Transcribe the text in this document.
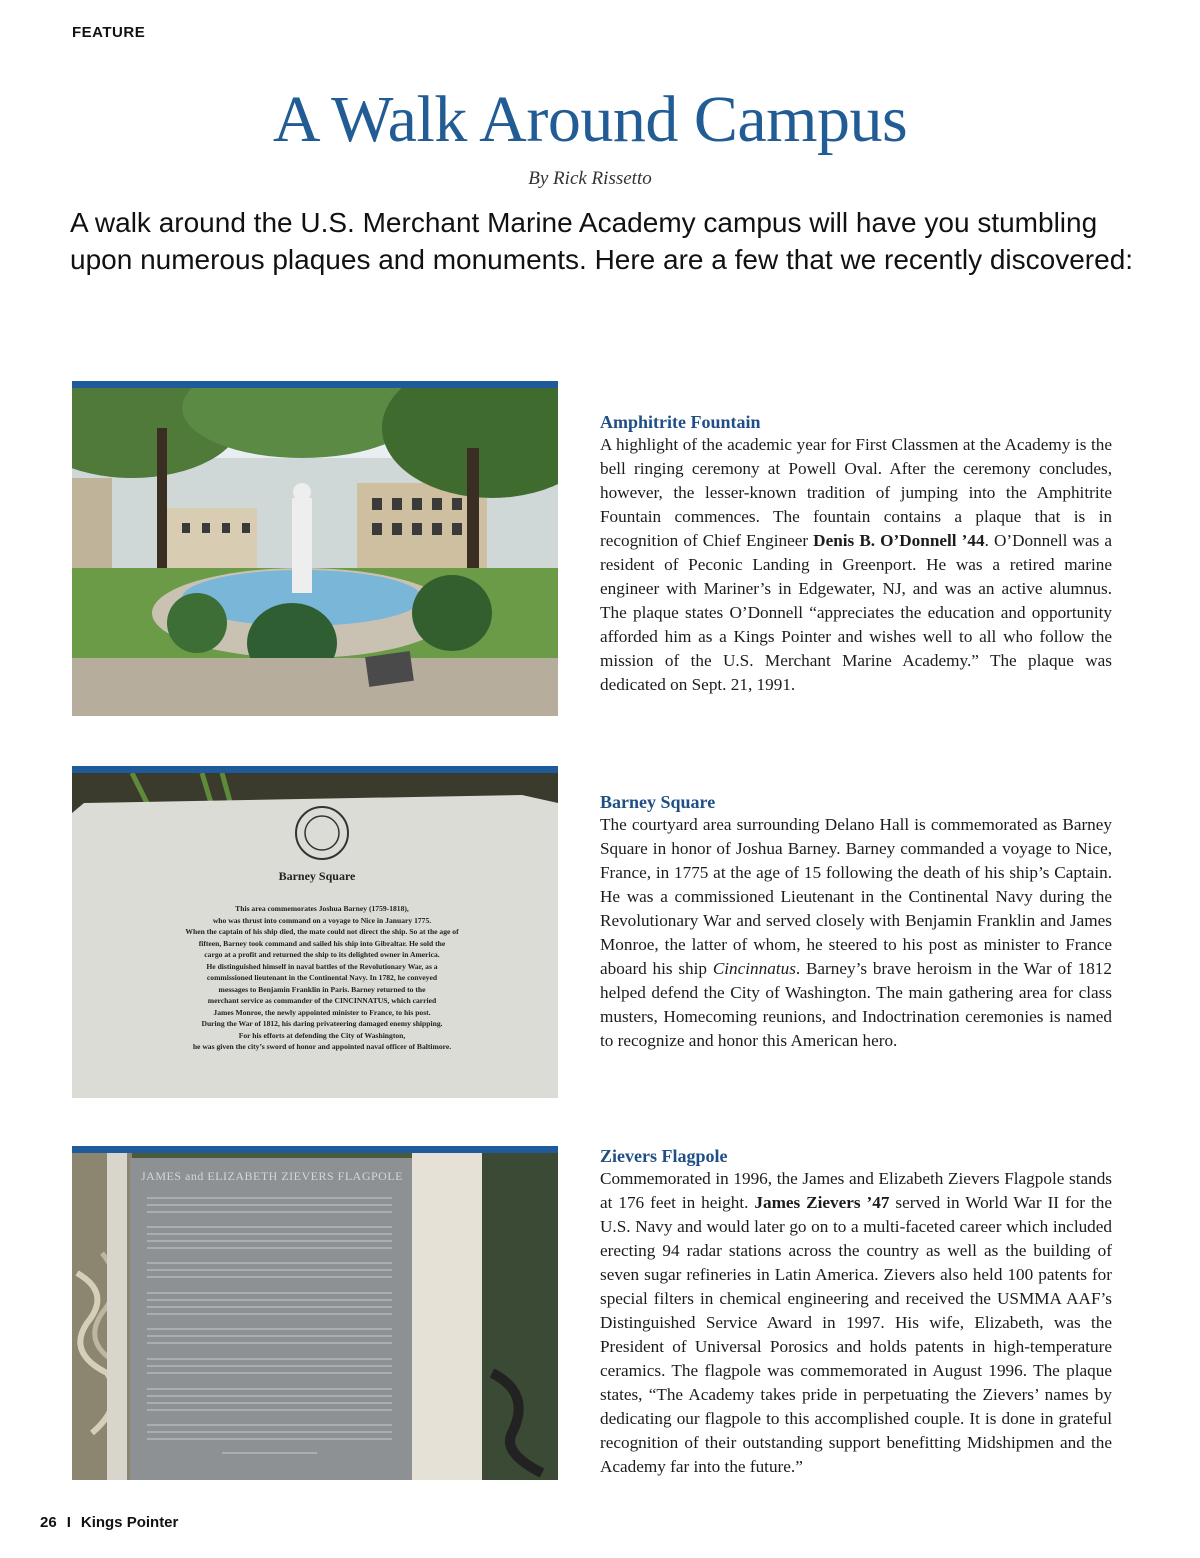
FEATURE
A Walk Around Campus
By Rick Rissetto

A walk around the U.S. Merchant Marine Academy campus will have you stumbling upon numerous plaques and monuments. Here are a few that we recently discovered:

Barney Square
This area commemorates Joshua Barney (1759-1818),
who was thrust into command on a voyage to Nice in January 1775.
When the captain of his ship died, the mate could not direct the ship. So at the age of
fifteen, Barney took command and sailed his ship into Gibraltar. He sold the
cargo at a profit and returned the ship to its delighted owner in America.
He distinguished himself in naval battles of the Revolutionary War, as a
commissioned lieutenant in the Continental Navy. In 1782, he conveyed
messages to Benjamin Franklin in Paris. Barney returned to the
merchant service as commander of the CINCINNATUS, which carried
James Monroe, the newly appointed minister to France, to his post.
During the War of 1812, his daring privateering damaged enemy shipping.
For his efforts at defending the City of Washington,
he was given the city’s sword of honor and appointed naval officer of Baltimore.
JAMES and ELIZABETH ZIEVERS FLAGPOLE
Amphitrite Fountain

A highlight of the academic year for First Classmen at the Academy is the bell ringing ceremony at Powell Oval. After the ceremony concludes, however, the lesser-known tradition of jumping into the Amphitrite Fountain commences. The fountain contains a plaque that is in recognition of Chief Engineer Denis B. O’Donnell ’44. O’Donnell was a resident of Peconic Landing in Greenport. He was a retired marine engineer with Mariner’s in Edgewater, NJ, and was an active alumnus. The plaque states O’Donnell “appreciates the education and opportunity afforded him as a Kings Pointer and wishes well to all who follow the mission of the U.S. Merchant Marine Academy.” The plaque was dedicated on Sept. 21, 1991.

Barney Square

The courtyard area surrounding Delano Hall is commemorated as Barney Square in honor of Joshua Barney. Barney commanded a voyage to Nice, France, in 1775 at the age of 15 following the death of his ship’s Captain. He was a commissioned Lieutenant in the Continental Navy during the Revolutionary War and served closely with Benjamin Franklin and James Monroe, the latter of whom, he steered to his post as minister to France aboard his ship Cincinnatus. Barney’s brave heroism in the War of 1812 helped defend the City of Washington. The main gathering area for class musters, Homecoming reunions, and Indoctrination ceremonies is named to recognize and honor this American hero.

Zievers Flagpole

Commemorated in 1996, the James and Elizabeth Zievers Flagpole stands at 176 feet in height. James Zievers ’47 served in World War II for the U.S. Navy and would later go on to a multi-faceted career which included erecting 94 radar stations across the country as well as the building of seven sugar refineries in Latin America. Zievers also held 100 patents for special filters in chemical engineering and received the USMMA AAF’s Distinguished Service Award in 1997. His wife, Elizabeth, was the President of Universal Porosics and holds patents in high-temperature ceramics. The flagpole was commemorated in August 1996. The plaque states, “The Academy takes pride in perpetuating the Zievers’ names by dedicating our flagpole to this accomplished couple. It is done in grateful recognition of their outstanding support benefitting Midshipmen and the Academy far into the future.”

26 I Kings Pointer
